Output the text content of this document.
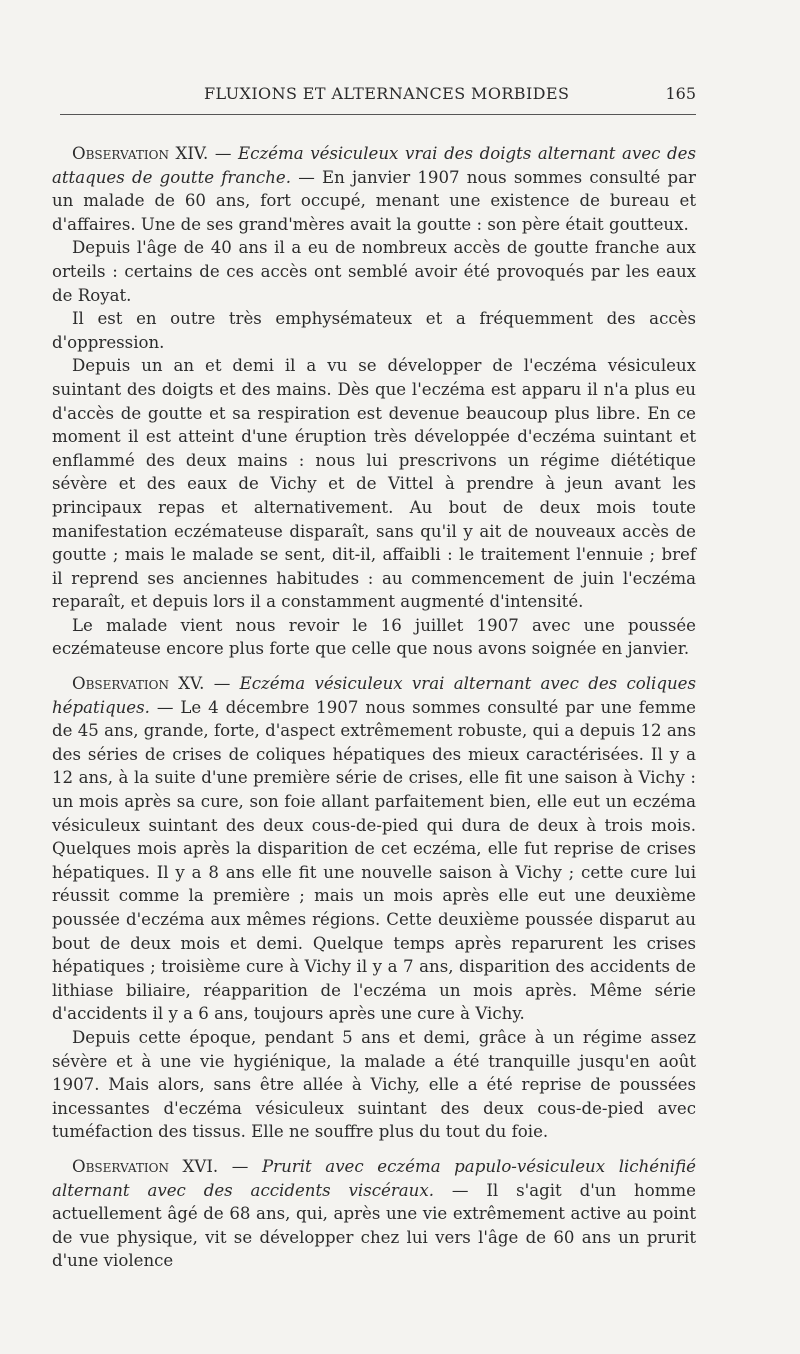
FLUXIONS ET ALTERNANCES MORBIDES	165

Observation XIV. — Eczéma vésiculeux vrai des doigts alternant avec des attaques de goutte franche. — En janvier 1907 nous sommes consulté par un malade de 60 ans, fort occupé, menant une existence de bureau et d'affaires. Une de ses grand'mères avait la goutte : son père était goutteux.

Depuis l'âge de 40 ans il a eu de nombreux accès de goutte franche aux orteils : certains de ces accès ont semblé avoir été provoqués par les eaux de Royat.

Il est en outre très emphysémateux et a fréquemment des accès d'oppression.

Depuis un an et demi il a vu se développer de l'eczéma vésiculeux suintant des doigts et des mains. Dès que l'eczéma est apparu il n'a plus eu d'accès de goutte et sa respiration est devenue beaucoup plus libre. En ce moment il est atteint d'une éruption très développée d'eczéma suintant et enflammé des deux mains : nous lui prescrivons un régime diététique sévère et des eaux de Vichy et de Vittel à prendre à jeun avant les principaux repas et alternativement. Au bout de deux mois toute manifestation eczémateuse disparaît, sans qu'il y ait de nouveaux accès de goutte ; mais le malade se sent, dit-il, affaibli : le traitement l'ennuie ; bref il reprend ses anciennes habitudes : au commencement de juin l'eczéma reparaît, et depuis lors il a constamment augmenté d'intensité.

Le malade vient nous revoir le 16 juillet 1907 avec une poussée eczémateuse encore plus forte que celle que nous avons soignée en janvier.

Observation XV. — Eczéma vésiculeux vrai alternant avec des coliques hépatiques. — Le 4 décembre 1907 nous sommes consulté par une femme de 45 ans, grande, forte, d'aspect extrêmement robuste, qui a depuis 12 ans des séries de crises de coliques hépatiques des mieux caractérisées. Il y a 12 ans, à la suite d'une première série de crises, elle fit une saison à Vichy : un mois après sa cure, son foie allant parfaitement bien, elle eut un eczéma vésiculeux suintant des deux cous-de-pied qui dura de deux à trois mois. Quelques mois après la disparition de cet eczéma, elle fut reprise de crises hépatiques. Il y a 8 ans elle fit une nouvelle saison à Vichy ; cette cure lui réussit comme la première ; mais un mois après elle eut une deuxième poussée d'eczéma aux mêmes régions. Cette deuxième poussée disparut au bout de deux mois et demi. Quelque temps après reparurent les crises hépatiques ; troisième cure à Vichy il y a 7 ans, disparition des accidents de lithiase biliaire, réapparition de l'eczéma un mois après. Même série d'accidents il y a 6 ans, toujours après une cure à Vichy.

Depuis cette époque, pendant 5 ans et demi, grâce à un régime assez sévère et à une vie hygiénique, la malade a été tranquille jusqu'en août 1907. Mais alors, sans être allée à Vichy, elle a été reprise de poussées incessantes d'eczéma vésiculeux suintant des deux cous-de-pied avec tuméfaction des tissus. Elle ne souffre plus du tout du foie.

Observation XVI. — Prurit avec eczéma papulo-vésiculeux lichénifié alternant avec des accidents viscéraux. — Il s'agit d'un homme actuellement âgé de 68 ans, qui, après une vie extrêmement active au point de vue physique, vit se développer chez lui vers l'âge de 60 ans un prurit d'une violence
